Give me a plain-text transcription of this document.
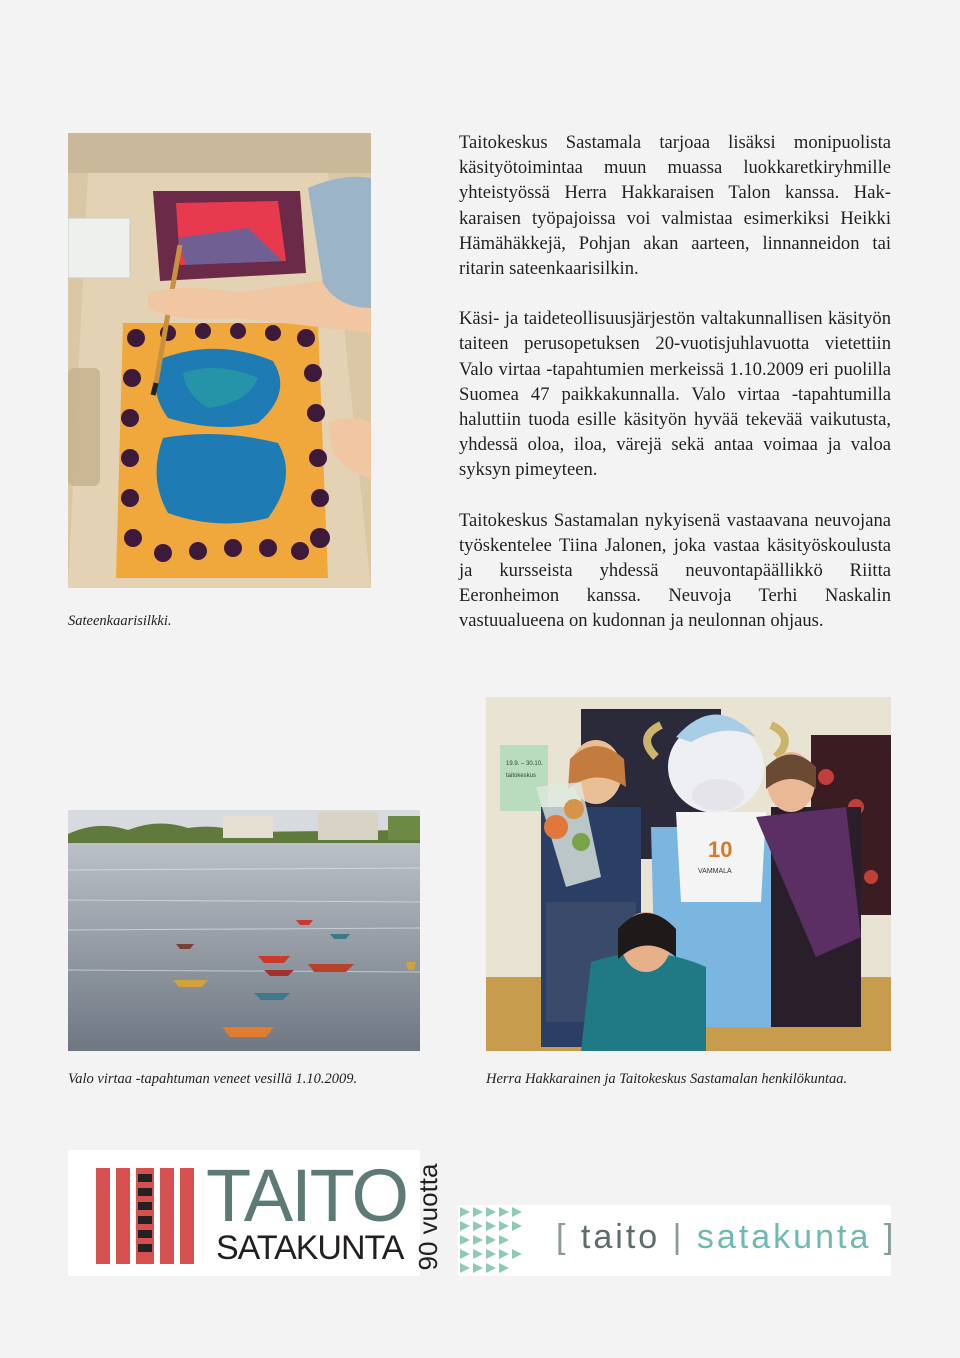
Taitokeskus Sastamala tarjoaa lisäksi monipuolista käsityötoimintaa muun muassa luokkaretkiryhmille yhteistyössä Herra Hakkaraisen Talon kanssa. Hakkaraisen työpajoissa voi valmistaa esimerkiksi Heikki Hämähäkkejä, Pohjan akan aarteen, linnanneidon tai ritarin sateenkaarisilkin.

Käsi- ja taideteollisuusjärjestön valtakunnallisen käsityön taiteen perusopetuksen 20-vuotisjuhlavuotta vietettiin Valo virtaa -tapahtumien merkeissä 1.10.2009 eri puolilla Suomea 47 paikkakunnalla. Valo virtaa -tapahtumilla haluttiin tuoda esille käsityön hyvää tekevää vaikutusta, yhdessä oloa, iloa, värejä sekä antaa voimaa ja valoa syksyn pimeyteen.

Taitokeskus Sastamalan nykyisenä vastaavana neuvojana työskentelee Tiina Jalonen, joka vastaa käsityöskoulusta ja kursseista yhdessä neuvontapäällikkö Riitta Eeronheimon kanssa. Neuvoja Terhi Naskalin vastuualueena on kudonnan ja neulonnan ohjaus.

Sateenkaarisilkki.
Valo virtaa -tapahtuman veneet vesillä 1.10.2009.
19.9. – 30.10.
taitokeskus
10
VAMMALA
Herra Hakkarainen ja Taitokeskus Sastamalan henkilökuntaa.
TAITO
SATAKUNTA 90 vuotta	[ taito | satakunta ]
